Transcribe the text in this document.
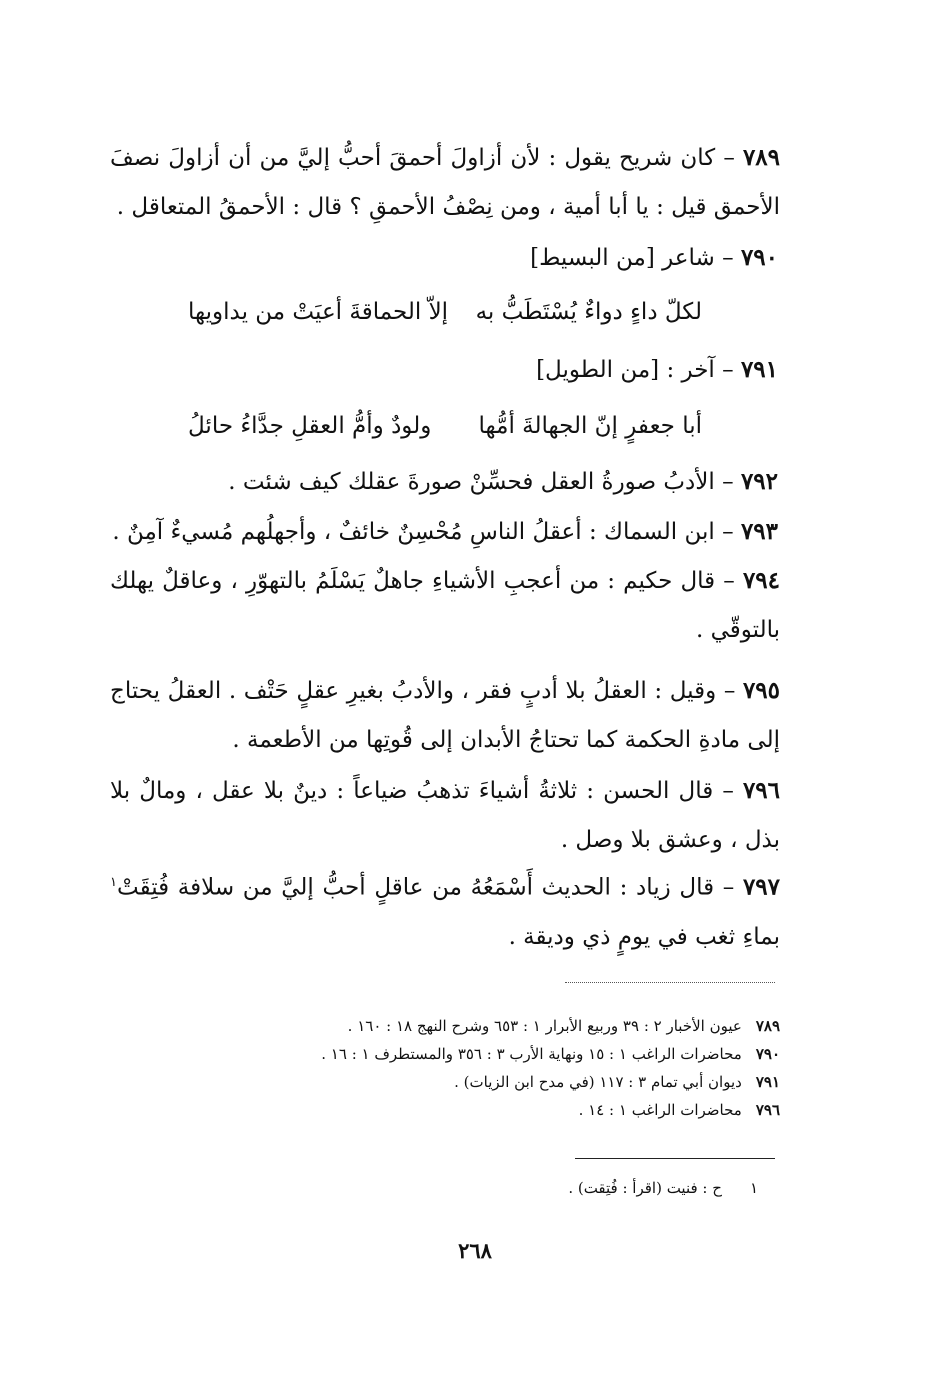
٧٨٩ – كان شريح يقول : لأن أزاولَ أحمقَ أحبُّ إليَّ من أن أزاولَ نصفَ الأحمق قيل : يا أبا أمية ، ومن نِصْفُ الأحمقِ ؟ قال : الأحمقُ المتعاقل .
٧٩٠ – شاعر [من البسيط]
لكلّ داءٍ دواءٌ يُسْتَطَبُّ به
إلاّ الحماقةَ أعيَتْ من يداويها
٧٩١ – آخر : [من الطويل]
أبا جعفرٍ إنّ الجهالةَ أمُّها
ولودٌ وأمُّ العقلِ جدَّاءُ حائلُ
٧٩٢ – الأدبُ صورةُ العقل فحسِّنْ صورةَ عقلك كيف شئت .
٧٩٣ – ابن السماك : أعقلُ الناسِ مُحْسِنٌ خائفٌ ، وأجهلُهم مُسيءٌ آمِنٌ .
٧٩٤ – قال حكيم : من أعجبِ الأشياءِ جاهلٌ يَسْلَمُ بالتهوّرِ ، وعاقلٌ يهلك بالتوقّي .
٧٩٥ – وقيل : العقلُ بلا أدبٍ فقر ، والأدبُ بغيرِ عقلٍ حَتْف . العقلُ يحتاج إلى مادةِ الحكمة كما تحتاجُ الأبدان إلى قُوتِها من الأطعمة .
٧٩٦ – قال الحسن : ثلاثةُ أشياءَ تذهبُ ضياعاً : دينٌ بلا عقل ، ومالٌ بلا بذل ، وعشق بلا وصل .
٧٩٧ – قال زياد : الحديث أَسْمَعُهُ من عاقلٍ أحبُّ إليَّ من سلافة فُتِقَتْ$^١$ بماءِ ثغب في يومٍ ذي وديقة .
٧٨٩عيون الأخبار ٢ : ٣٩ وربيع الأبرار ١ : ٦٥٣ وشرح النهج ١٨ : ١٦٠ .
٧٩٠محاضرات الراغب ١ : ١٥ ونهاية الأرب ٣ : ٣٥٦ والمستطرف ١ : ١٦ .
٧٩١ديوان أبي تمام ٣ : ١١٧ (في مدح ابن الزيات) .
٧٩٦محاضرات الراغب ١ : ١٤ .
١ح : فنيت (اقرأ : فُتِقت) .
٢٦٨
